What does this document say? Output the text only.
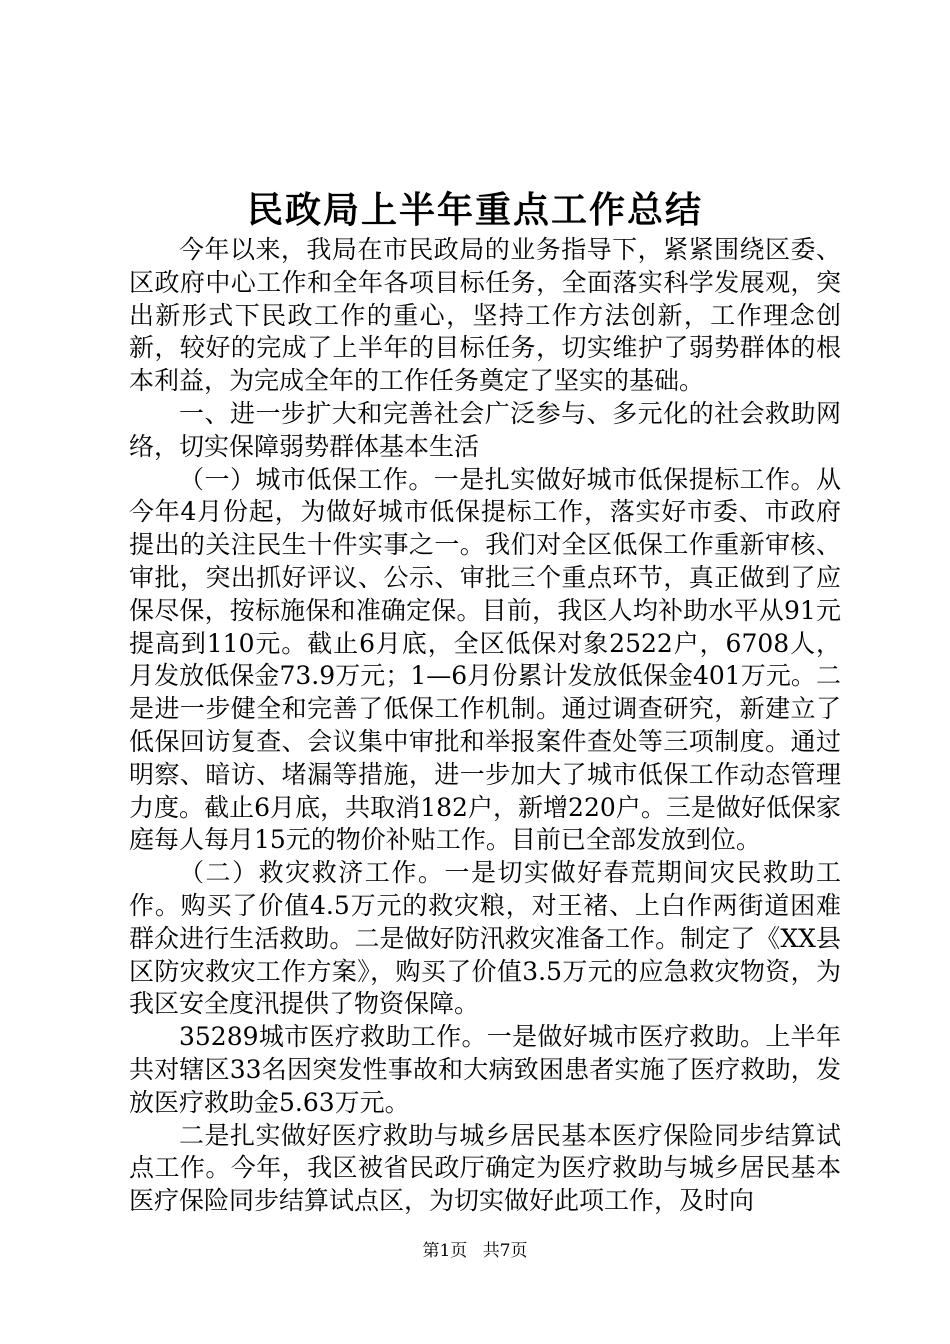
民政局上半年重点工作总结

今年以来，我局在市民政局的业务指导下，紧紧围绕区委、区政府中心工作和全年各项目标任务，全面落实科学发展观，突出新形式下民政工作的重心，坚持工作方法创新，工作理念创新，较好的完成了上半年的目标任务，切实维护了弱势群体的根本利益，为完成全年的工作任务奠定了坚实的基础。

一、进一步扩大和完善社会广泛参与、多元化的社会救助网络，切实保障弱势群体基本生活

（一）城市低保工作。一是扎实做好城市低保提标工作。从今年4月份起，为做好城市低保提标工作，落实好市委、市政府提出的关注民生十件实事之一。我们对全区低保工作重新审核、审批，突出抓好评议、公示、审批三个重点环节，真正做到了应保尽保，按标施保和准确定保。目前，我区人均补助水平从91元提高到110元。截止6月底，全区低保对象2522户，6708人，月发放低保金73.9万元；1—6月份累计发放低保金401万元。二是进一步健全和完善了低保工作机制。通过调查研究，新建立了低保回访复查、会议集中审批和举报案件查处等三项制度。通过明察、暗访、堵漏等措施，进一步加大了城市低保工作动态管理力度。截止6月底，共取消182户，新增220户。三是做好低保家庭每人每月15元的物价补贴工作。目前已全部发放到位。

（二）救灾救济工作。一是切实做好春荒期间灾民救助工作。购买了价值4.5万元的救灾粮，对王褚、上白作两街道困难群众进行生活救助。二是做好防汛救灾准备工作。制定了《XX县区防灾救灾工作方案》，购买了价值3.5万元的应急救灾物资，为我区安全度汛提供了物资保障。

35289城市医疗救助工作。一是做好城市医疗救助。上半年共对辖区33名因突发性事故和大病致困患者实施了医疗救助，发放医疗救助金5.63万元。

二是扎实做好医疗救助与城乡居民基本医疗保险同步结算试点工作。今年，我区被省民政厅确定为医疗救助与城乡居民基本医疗保险同步结算试点区，为切实做好此项工作，及时向

第1页 共7页
